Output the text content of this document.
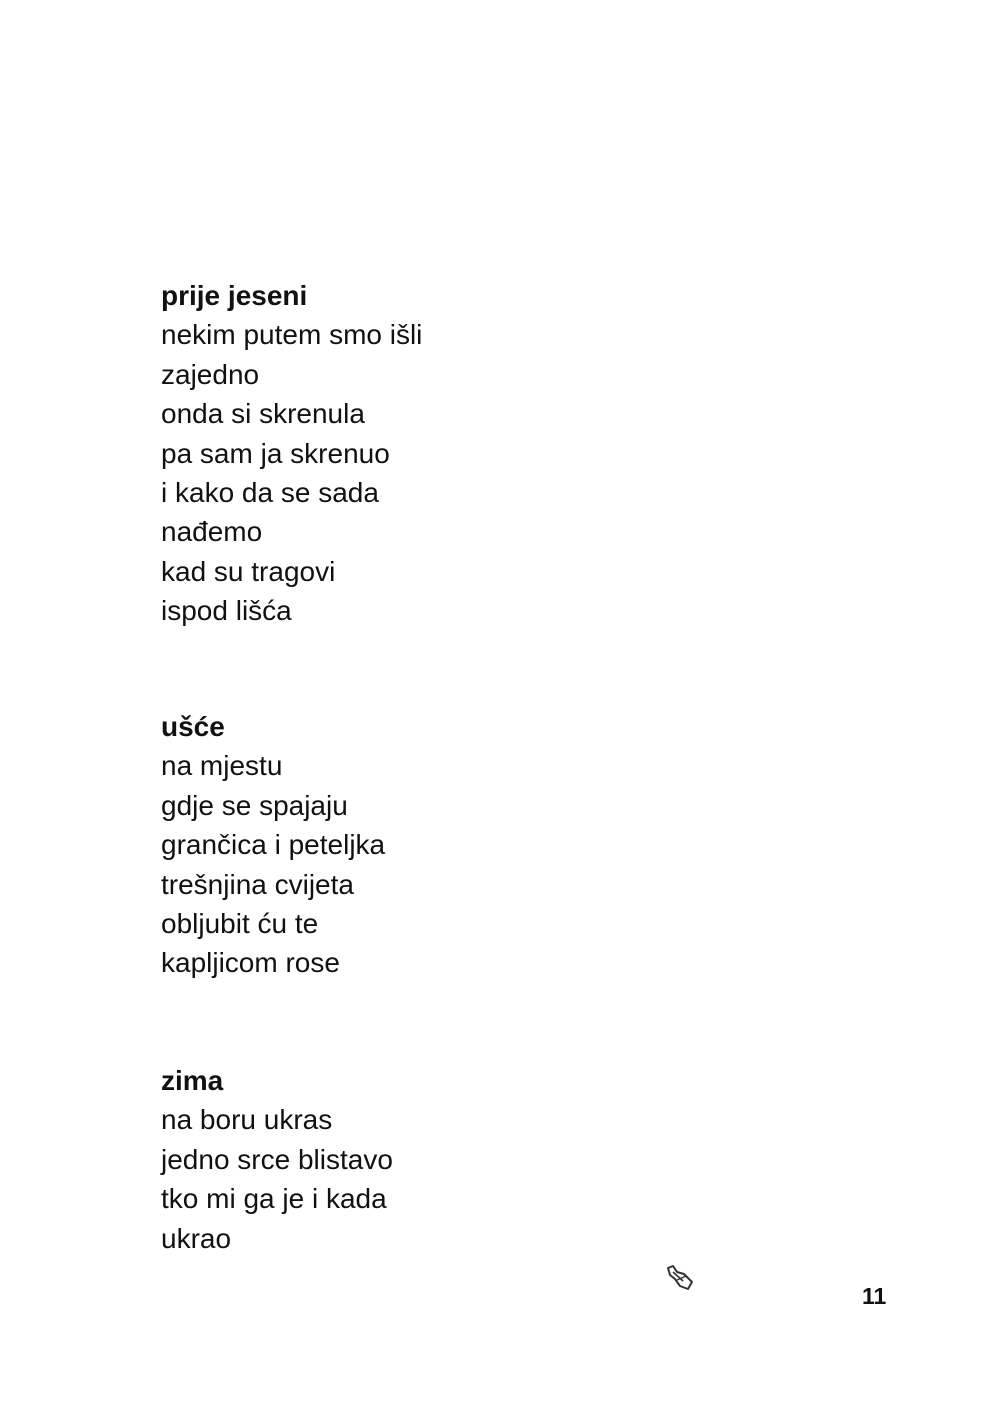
prije jeseni

nekim putem smo išli

zajedno

onda si skrenula

pa sam ja skrenuo

i kako da se sada

nađemo

kad su tragovi

ispod lišća

ušće

na mjestu

gdje se spajaju

grančica i peteljka

trešnjina cvijeta

obljubit ću te

kapljicom rose

zima

na boru ukras

jedno srce blistavo

tko mi ga je i kada

ukrao

11
